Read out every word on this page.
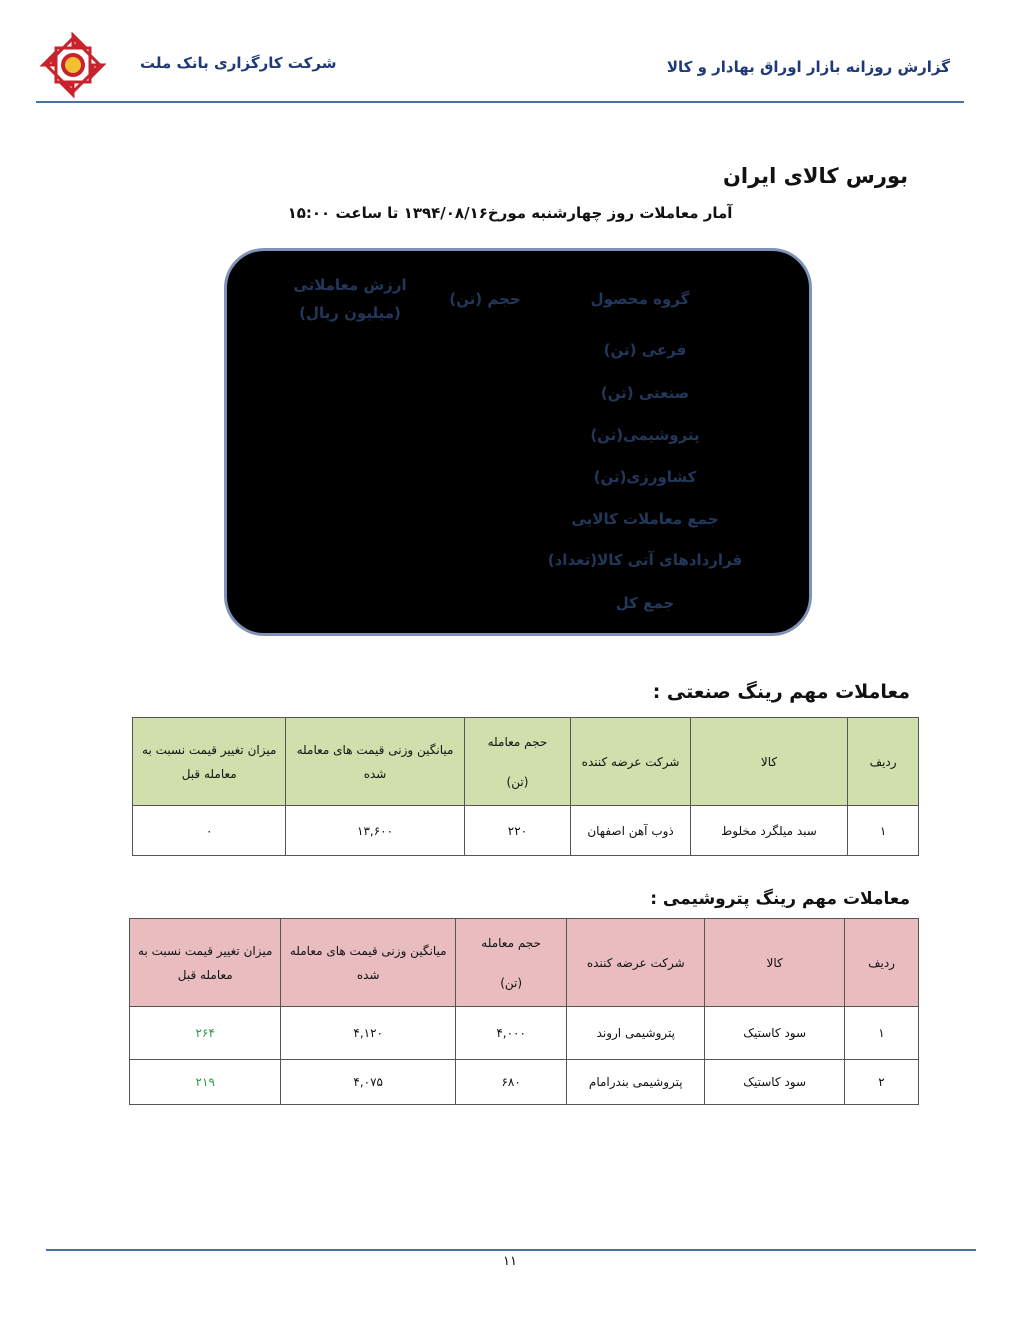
شرکت کارگزاری بانک ملت	گزارش روزانه بازار اوراق بهادار و کالا
بورس کالای ایران
آمار معاملات روز چهارشنبه مورخ۱۳۹۴/۰۸/۱۶ تا ساعت ۱۵:۰۰
گروه محصول
حجم (تن)
ارزش معاملاتی
(میلیون ریال)
فرعی (تن)
صنعتی (تن)
پتروشیمی(تن)
کشاورزی(تن)
جمع معاملات کالایی
قراردادهای آتی کالا(تعداد)
جمع کل
معاملات مهم رینگ صنعتی :
ردیف	کالا	شرکت عرضه کننده	حجم معامله
(تن)	میانگین وزنی قیمت های معامله شده	میزان تغییر قیمت نسبت به معامله قبل
۱	سبد میلگرد مخلوط	ذوب آهن اصفهان	۲۲۰	۱۳,۶۰۰	۰
معاملات مهم رینگ پتروشیمی :
ردیف	کالا	شرکت عرضه کننده	حجم معامله
(تن)	میانگین وزنی قیمت های معامله شده	میزان تغییر قیمت نسبت به معامله قبل
۱	سود کاستیک	پتروشیمی اروند	۴,۰۰۰	۴,۱۲۰	۲۶۴
۲	سود کاستیک	پتروشیمی بندرامام	۶۸۰	۴,۰۷۵	۲۱۹
۱۱
